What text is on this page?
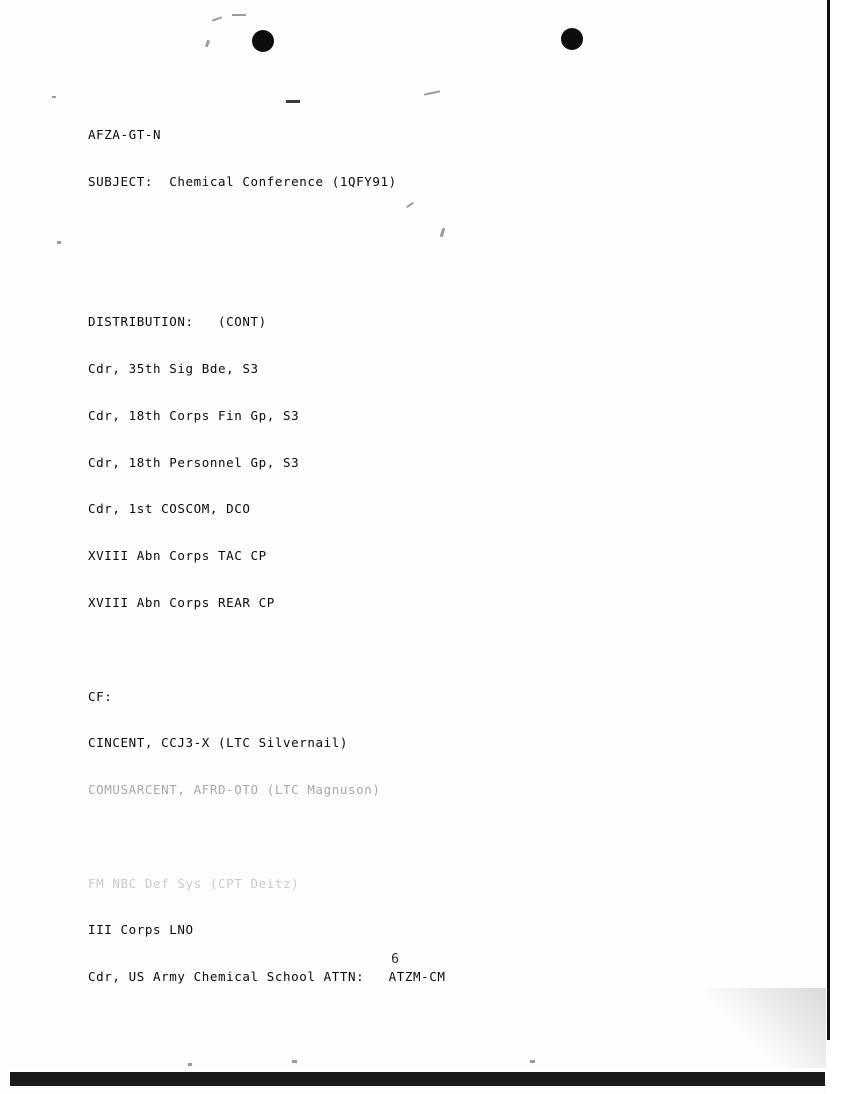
AFZA-GT-N

SUBJECT:  Chemical Conference (1QFY91)

DISTRIBUTION:   (CONT)

Cdr, 35th Sig Bde, S3

Cdr, 18th Corps Fin Gp, S3

Cdr, 18th Personnel Gp, S3

Cdr, 1st COSCOM, DCO

XVIII Abn Corps TAC CP

XVIII Abn Corps REAR CP

CF:

CINCENT, CCJ3-X (LTC Silvernail)

COMUSARCENT, AFRD-OTO (LTC Magnuson)

FM NBC Def Sys (CPT Deitz)

III Corps LNO

Cdr, US Army Chemical School ATTN:   ATZM-CM

6
